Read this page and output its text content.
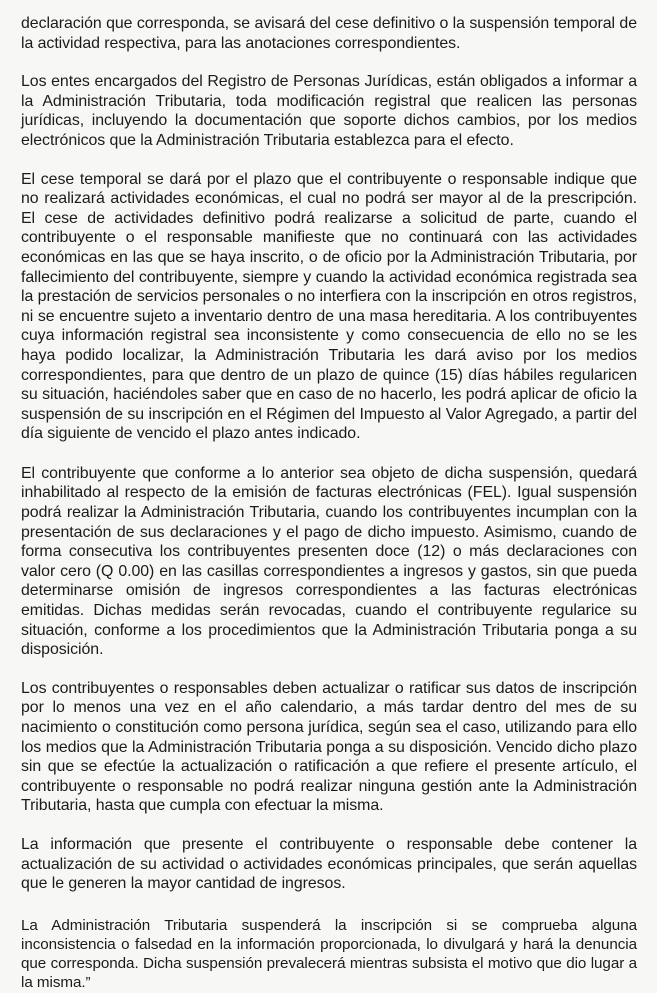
declaración que corresponda, se avisará del cese definitivo o la suspensión temporal de la actividad respectiva, para las anotaciones correspondientes.

Los entes encargados del Registro de Personas Jurídicas, están obligados a informar a la Administración Tributaria, toda modificación registral que realicen las personas jurídicas, incluyendo la documentación que soporte dichos cambios, por los medios electrónicos que la Administración Tributaria establezca para el efecto.

El cese temporal se dará por el plazo que el contribuyente o responsable indique que no realizará actividades económicas, el cual no podrá ser mayor al de la prescripción. El cese de actividades definitivo podrá realizarse a solicitud de parte, cuando el contribuyente o el responsable manifieste que no continuará con las actividades económicas en las que se haya inscrito, o de oficio por la Administración Tributaria, por fallecimiento del contribuyente, siempre y cuando la actividad económica registrada sea la prestación de servicios personales o no interfiera con la inscripción en otros registros, ni se encuentre sujeto a inventario dentro de una masa hereditaria. A los contribuyentes cuya información registral sea inconsistente y como consecuencia de ello no se les haya podido localizar, la Administración Tributaria les dará aviso por los medios correspondientes, para que dentro de un plazo de quince (15) días hábiles regularicen su situación, haciéndoles saber que en caso de no hacerlo, les podrá aplicar de oficio la suspensión de su inscripción en el Régimen del Impuesto al Valor Agregado, a partir del día siguiente de vencido el plazo antes indicado.

El contribuyente que conforme a lo anterior sea objeto de dicha suspensión, quedará inhabilitado al respecto de la emisión de facturas electrónicas (FEL). Igual suspensión podrá realizar la Administración Tributaria, cuando los contribuyentes incumplan con la presentación de sus declaraciones y el pago de dicho impuesto. Asimismo, cuando de forma consecutiva los contribuyentes presenten doce (12) o más declaraciones con valor cero (Q 0.00) en las casillas correspondientes a ingresos y gastos, sin que pueda determinarse omisión de ingresos correspondientes a las facturas electrónicas emitidas. Dichas medidas serán revocadas, cuando el contribuyente regularice su situación, conforme a los procedimientos que la Administración Tributaria ponga a su disposición.

Los contribuyentes o responsables deben actualizar o ratificar sus datos de inscripción por lo menos una vez en el año calendario, a más tardar dentro del mes de su nacimiento o constitución como persona jurídica, según sea el caso, utilizando para ello los medios que la Administración Tributaria ponga a su disposición. Vencido dicho plazo sin que se efectúe la actualización o ratificación a que refiere el presente artículo, el contribuyente o responsable no podrá realizar ninguna gestión ante la Administración Tributaria, hasta que cumpla con efectuar la misma.

La información que presente el contribuyente o responsable debe contener la actualización de su actividad o actividades económicas principales, que serán aquellas que le generen la mayor cantidad de ingresos.

La Administración Tributaria suspenderá la inscripción si se comprueba alguna inconsistencia o falsedad en la información proporcionada, lo divulgará y hará la denuncia que corresponda. Dicha suspensión prevalecerá mientras subsista el motivo que dio lugar a la misma.”
